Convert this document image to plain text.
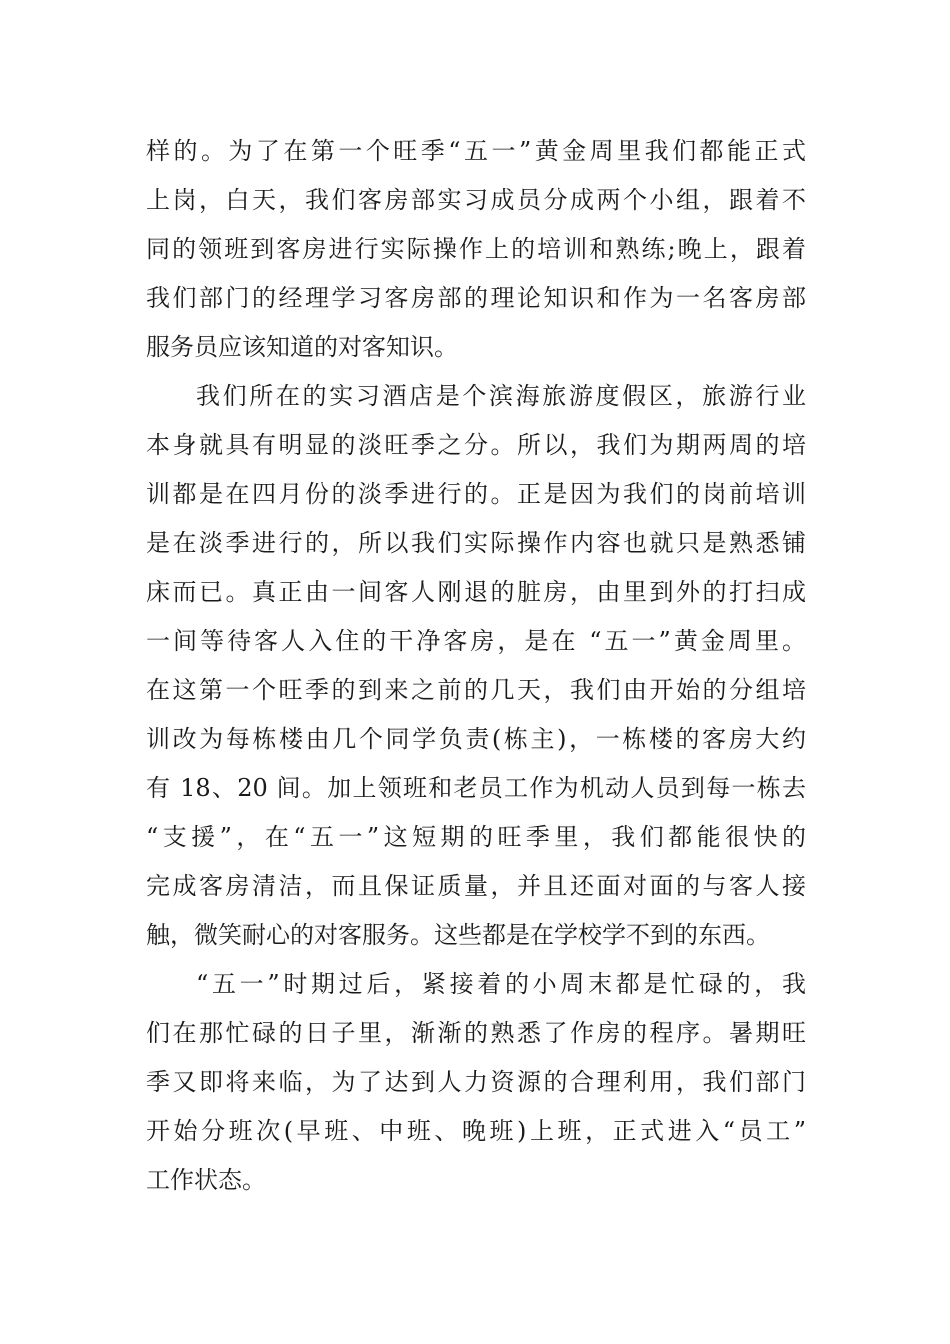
样的。为了在第一个旺季“五一”黄金周里我们都能正式
上岗，白天，我们客房部实习成员分成两个小组，跟着不
同的领班到客房进行实际操作上的培训和熟练;晚上，跟着
我们部门的经理学习客房部的理论知识和作为一名客房部
服务员应该知道的对客知识。
我们所在的实习酒店是个滨海旅游度假区，旅游行业
本身就具有明显的淡旺季之分。所以，我们为期两周的培
训都是在四月份的淡季进行的。正是因为我们的岗前培训
是在淡季进行的，所以我们实际操作内容也就只是熟悉铺
床而已。真正由一间客人刚退的脏房，由里到外的打扫成
一间等待客人入住的干净客房，是在 “五一”黄金周里。
在这第一个旺季的到来之前的几天，我们由开始的分组培
训改为每栋楼由几个同学负责(栋主)，一栋楼的客房大约
有 18、20 间。加上领班和老员工作为机动人员到每一栋去
“支援”，在“五一”这短期的旺季里，我们都能很快的
完成客房清洁，而且保证质量，并且还面对面的与客人接
触，微笑耐心的对客服务。这些都是在学校学不到的东西。
“五一”时期过后，紧接着的小周末都是忙碌的，我
们在那忙碌的日子里，渐渐的熟悉了作房的程序。暑期旺
季又即将来临，为了达到人力资源的合理利用，我们部门
开始分班次(早班、中班、晚班)上班，正式进入“员工”
工作状态。
